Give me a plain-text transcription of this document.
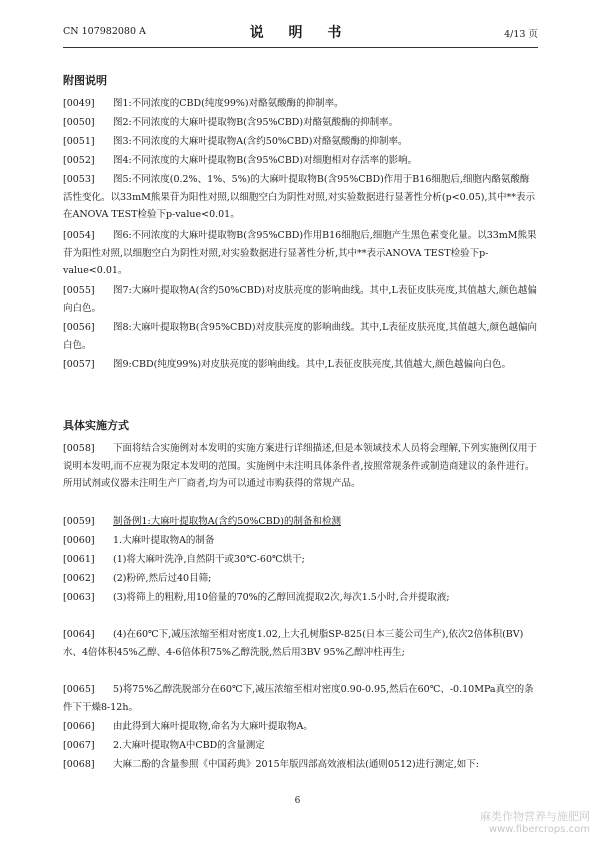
CN 107982080 A	说 明 书	4/13 页
附图说明
[0049] 图1:不同浓度的CBD(纯度99%)对酪氨酸酶的抑制率。
[0050] 图2:不同浓度的大麻叶提取物B(含95%CBD)对酪氨酸酶的抑制率。
[0051] 图3:不同浓度的大麻叶提取物A(含约50%CBD)对酪氨酸酶的抑制率。
[0052] 图4:不同浓度的大麻叶提取物B(含95%CBD)对细胞相对存活率的影响。
[0053] 图5:不同浓度(0.2%、1%、5%)的大麻叶提取物B(含95%CBD)作用于B16细胞后,细胞内酪氨酸酶活性变化。以33mM熊果苷为阳性对照,以细胞空白为阴性对照,对实验数据进行显著性分析(p<0.05),其中**表示在ANOVA TEST检验下p-value<0.01。
[0054] 图6:不同浓度的大麻叶提取物B(含95%CBD)作用B16细胞后,细胞产生黑色素变化量。以33mM熊果苷为阳性对照,以细胞空白为阴性对照,对实验数据进行显著性分析,其中**表示ANOVA TEST检验下p-value<0.01。
[0055] 图7:大麻叶提取物A(含约50%CBD)对皮肤亮度的影响曲线。其中,L表征皮肤亮度,其值越大,颜色越偏向白色。
[0056] 图8:大麻叶提取物B(含95%CBD)对皮肤亮度的影响曲线。其中,L表征皮肤亮度,其值越大,颜色越偏向白色。
[0057] 图9:CBD(纯度99%)对皮肤亮度的影响曲线。其中,L表征皮肤亮度,其值越大,颜色越偏向白色。
具体实施方式
[0058] 下面将结合实施例对本发明的实施方案进行详细描述,但是本领域技术人员将会理解,下列实施例仅用于说明本发明,而不应视为限定本发明的范围。实施例中未注明具体条件者,按照常规条件或制造商建议的条件进行。所用试剂或仪器未注明生产厂商者,均为可以通过市购获得的常规产品。
[0059] 制备例1:大麻叶提取物A(含约50%CBD)的制备和检测
[0060] 1.大麻叶提取物A的制备
[0061] (1)将大麻叶洗净,自然阴干或30℃-60℃烘干;
[0062] (2)粉碎,然后过40目筛;
[0063] (3)将筛上的粗粉,用10倍量的70%的乙醇回流提取2次,每次1.5小时,合并提取液;
[0064] (4)在60℃下,减压浓缩至相对密度1.02,上大孔树脂SP-825(日本三菱公司生产),依次2倍体积(BV)水、4倍体积45%乙醇、4-6倍体积75%乙醇洗脱,然后用3BV 95%乙醇冲柱再生;
[0065] 5)将75%乙醇洗脱部分在60℃下,减压浓缩至相对密度0.90-0.95,然后在60℃、-0.10MPa真空的条件下干燥8-12h。
[0066] 由此得到大麻叶提取物,命名为大麻叶提取物A。
[0067] 2.大麻叶提取物A中CBD的含量测定
[0068] 大麻二酚的含量参照《中国药典》2015年版四部高效液相法(通则0512)进行测定,如下:
6
麻类作物营养与施肥网
www.fibercrops.com
